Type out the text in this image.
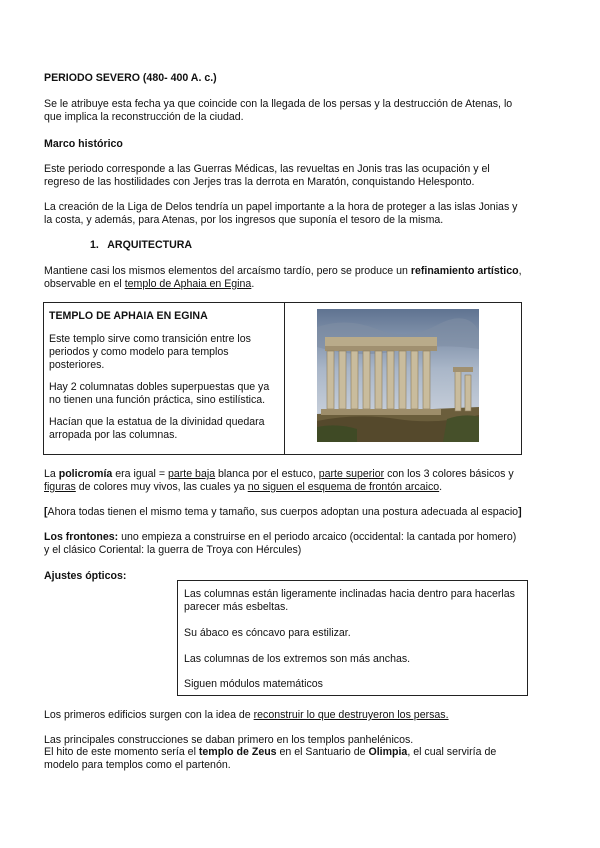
PERIODO SEVERO (480- 400 A. c.)

Se le atribuye esta fecha ya que coincide con la llegada de los persas y la destrucción de Atenas, lo que implica la reconstrucción de la ciudad.

Marco histórico

Este periodo corresponde a las Guerras Médicas, las revueltas en Jonis tras las ocupación y el regreso de las hostilidades con Jerjes tras la derrota en Maratón, conquistando Helesponto.

La creación de la Liga de Delos tendría un papel importante a la hora de proteger a las islas Jonias y la costa, y además, para Atenas, por los ingresos que suponía el tesoro de la misma.

1. ARQUITECTURA

Mantiene casi los mismos elementos del arcaísmo tardío, pero se produce un refinamiento artístico, observable en el templo de Aphaia en Egina.

TEMPLO DE APHAIA EN EGINA

Este templo sirve como transición entre los periodos y como modelo para templos posteriores.

Hay 2 columnatas dobles superpuestas que ya no tienen una función práctica, sino estilística.

Hacían que la estatua de la divinidad quedara arropada por las columnas.

La policromía era igual = parte baja blanca por el estuco, parte superior con los 3 colores básicos y figuras de colores muy vivos, las cuales ya no siguen el esquema de frontón arcaico.

[Ahora todas tienen el mismo tema y tamaño, sus cuerpos adoptan una postura adecuada al espacio]

Los frontones: uno empieza a construirse en el periodo arcaico (occidental: la cantada por homero) y el clásico Coriental: la guerra de Troya con Hércules)

Ajustes ópticos:

Las columnas están ligeramente inclinadas hacia dentro para hacerlas parecer más esbeltas.

Su ábaco es cóncavo para estilizar.

Las columnas de los extremos son más anchas.

Siguen módulos matemáticos

Los primeros edificios surgen con la idea de reconstruir lo que destruyeron los persas.

Las principales construcciones se daban primero en los templos panhelénicos.

El hito de este momento sería el templo de Zeus en el Santuario de Olimpia, el cual serviría de modelo para templos como el partenón.
